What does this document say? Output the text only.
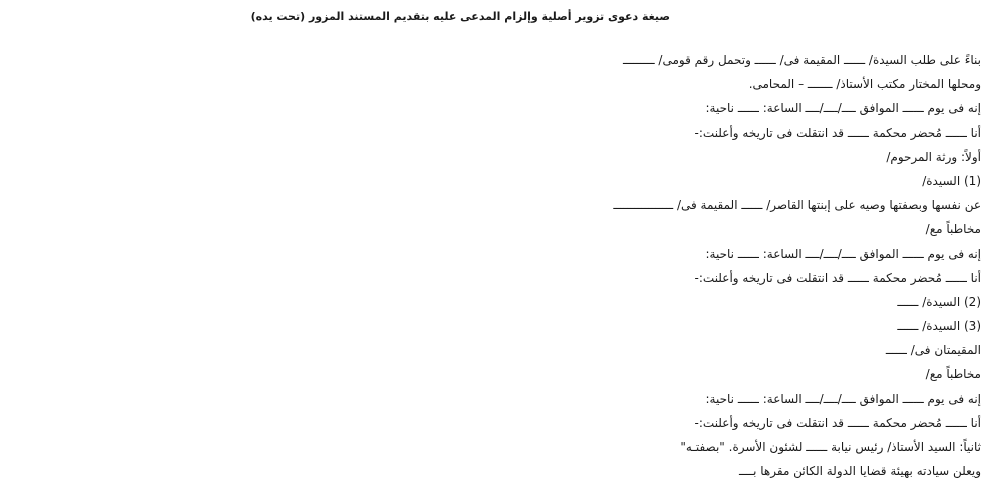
صيغة دعوى تزوير أصلية وإلزام المدعى عليه بتقديم المستند المزور (تحت يده)
بناءً على طلب السيدة/ ــــــ المقيمة فى/ ــــــ وتحمل رقم قومى/ ـــــــــ
ومحلها المختار مكتب الأستاذ/ ـــــــ – المحامى.
إنه فى يوم ــــــ الموافق ــــ/ــــ/ــــ الساعة: ــــــ ناحية:
أنا ــــــ مُحضر محكمة ــــــ قد انتقلت فى تاريخه وأعلنت:-
أولاً: ورثة المرحوم/
(1) السيدة/
عن نفسها وبصفتها وصيه على إبنتها القاصر/ ــــــ المقيمة فى/ ـــــــــــــــــ
مخاطباً مع/
إنه فى يوم ــــــ الموافق ــــ/ــــ/ــــ الساعة: ــــــ ناحية:
أنا ــــــ مُحضر محكمة ــــــ قد انتقلت فى تاريخه وأعلنت:-
(2) السيدة/ ــــــ
(3) السيدة/ ــــــ
المقيمتان فى/ ــــــ
مخاطباً مع/
إنه فى يوم ــــــ الموافق ــــ/ــــ/ــــ الساعة: ــــــ ناحية:
أنا ــــــ مُحضر محكمة ــــــ قد انتقلت فى تاريخه وأعلنت:-
ثانياً: السيد الأستاذ/ رئيس نيابة ــــــ لشئون الأسرة. "بصفتـه"
ويعلن سيادته بهيئة قضايا الدولة الكائن مقرها بــــ
